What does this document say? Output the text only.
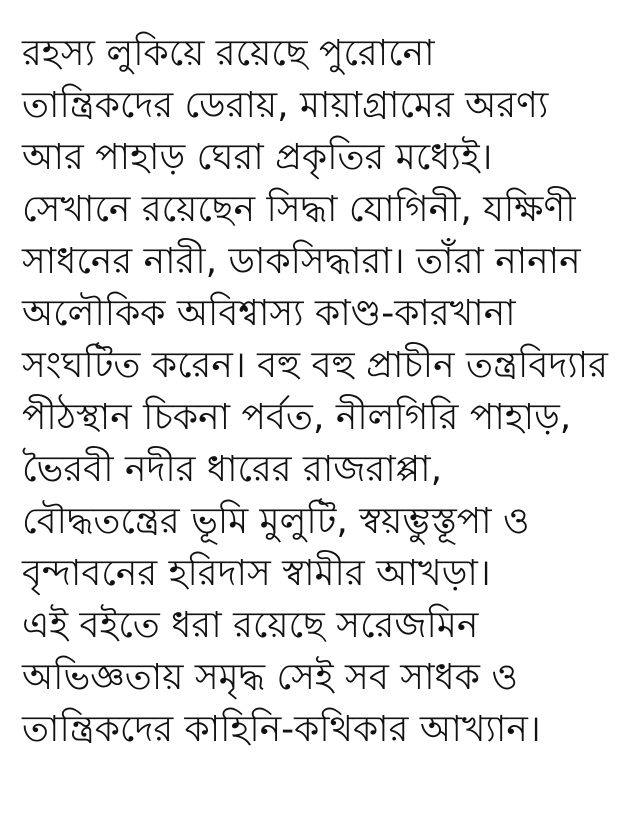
রহস্য লুকিয়ে রয়েছে পুরোনো
তান্ত্রিকদের ডেরায়, মায়াগ্রামের অরণ্য
আর পাহাড় ঘেরা প্রকৃতির মধ্যেই।
সেখানে রয়েছেন সিদ্ধা যোগিনী, যক্ষিণী
সাধনের নারী, ডাকসিদ্ধারা। তাঁরা নানান
অলৌকিক অবিশ্বাস্য কাণ্ড-কারখানা
সংঘটিত করেন। বহু বহু প্রাচীন তন্ত্রবিদ্যার
পীঠস্থান চিকনা পর্বত, নীলগিরি পাহাড়,
ভৈরবী নদীর ধারের রাজরাপ্পা,
বৌদ্ধতন্ত্রের ভূমি মুলুটি, স্বয়ম্ভুস্তূপা ও
বৃন্দাবনের হরিদাস স্বামীর আখড়া।
এই বইতে ধরা রয়েছে সরেজমিন
অভিজ্ঞতায় সমৃদ্ধ সেই সব সাধক ও
তান্ত্রিকদের কাহিনি-কথিকার আখ্যান।
